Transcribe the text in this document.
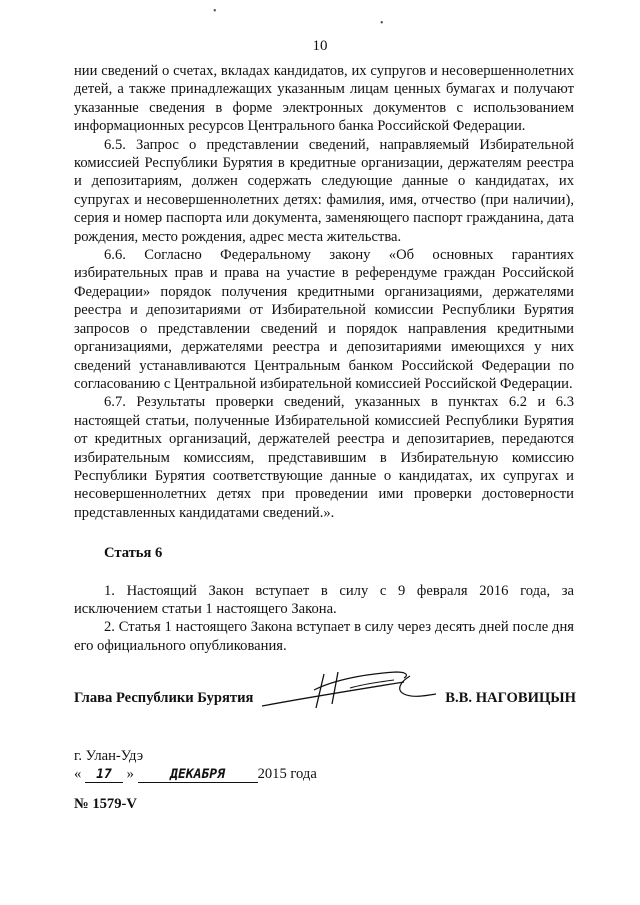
•
•
10

нии сведений о счетах, вкладах кандидатов, их супругов и несовершеннолетних детей, а также принадлежащих указанным лицам ценных бумагах и получают указанные сведения в форме электронных документов с использованием информационных ресурсов Центрального банка Российской Федерации.

6.5. Запрос о представлении сведений, направляемый Избирательной комиссией Республики Бурятия в кредитные организации, держателям реестра и депозитариям, должен содержать следующие данные о кандидатах, их супругах и несовершеннолетних детях: фамилия, имя, отчество (при наличии), серия и номер паспорта или документа, заменяющего паспорт гражданина, дата рождения, место рождения, адрес места жительства.

6.6. Согласно Федеральному закону «Об основных гарантиях избирательных прав и права на участие в референдуме граждан Российской Федерации» порядок получения кредитными организациями, держателями реестра и депозитариями от Избирательной комиссии Республики Бурятия запросов о представлении сведений и порядок направления кредитными организациями, держателями реестра и депозитариями имеющихся у них сведений устанавливаются Центральным банком Российской Федерации по согласованию с Центральной избирательной комиссией Российской Федерации.

6.7. Результаты проверки сведений, указанных в пунктах 6.2 и 6.3 настоящей статьи, полученные Избирательной комиссией Республики Бурятия от кредитных организаций, держателей реестра и депозитариев, передаются избирательным комиссиям, представившим в Избирательную комиссию Республики Бурятия соответствующие данные о кандидатах, их супругах и несовершеннолетних детях при проведении ими проверки достоверности представленных кандидатами сведений.».

Статья 6

1. Настоящий Закон вступает в силу с 9 февраля 2016 года, за исключением статьи 1 настоящего Закона.

2. Статья 1 настоящего Закона вступает в силу через десять дней после дня его официального опубликования.

Глава Республики Бурятия	В.В. НАГОВИЦЫН
г. Улан-Удэ
« 17 »	ДЕКАБРЯ 2015 года
№ 1579-V
